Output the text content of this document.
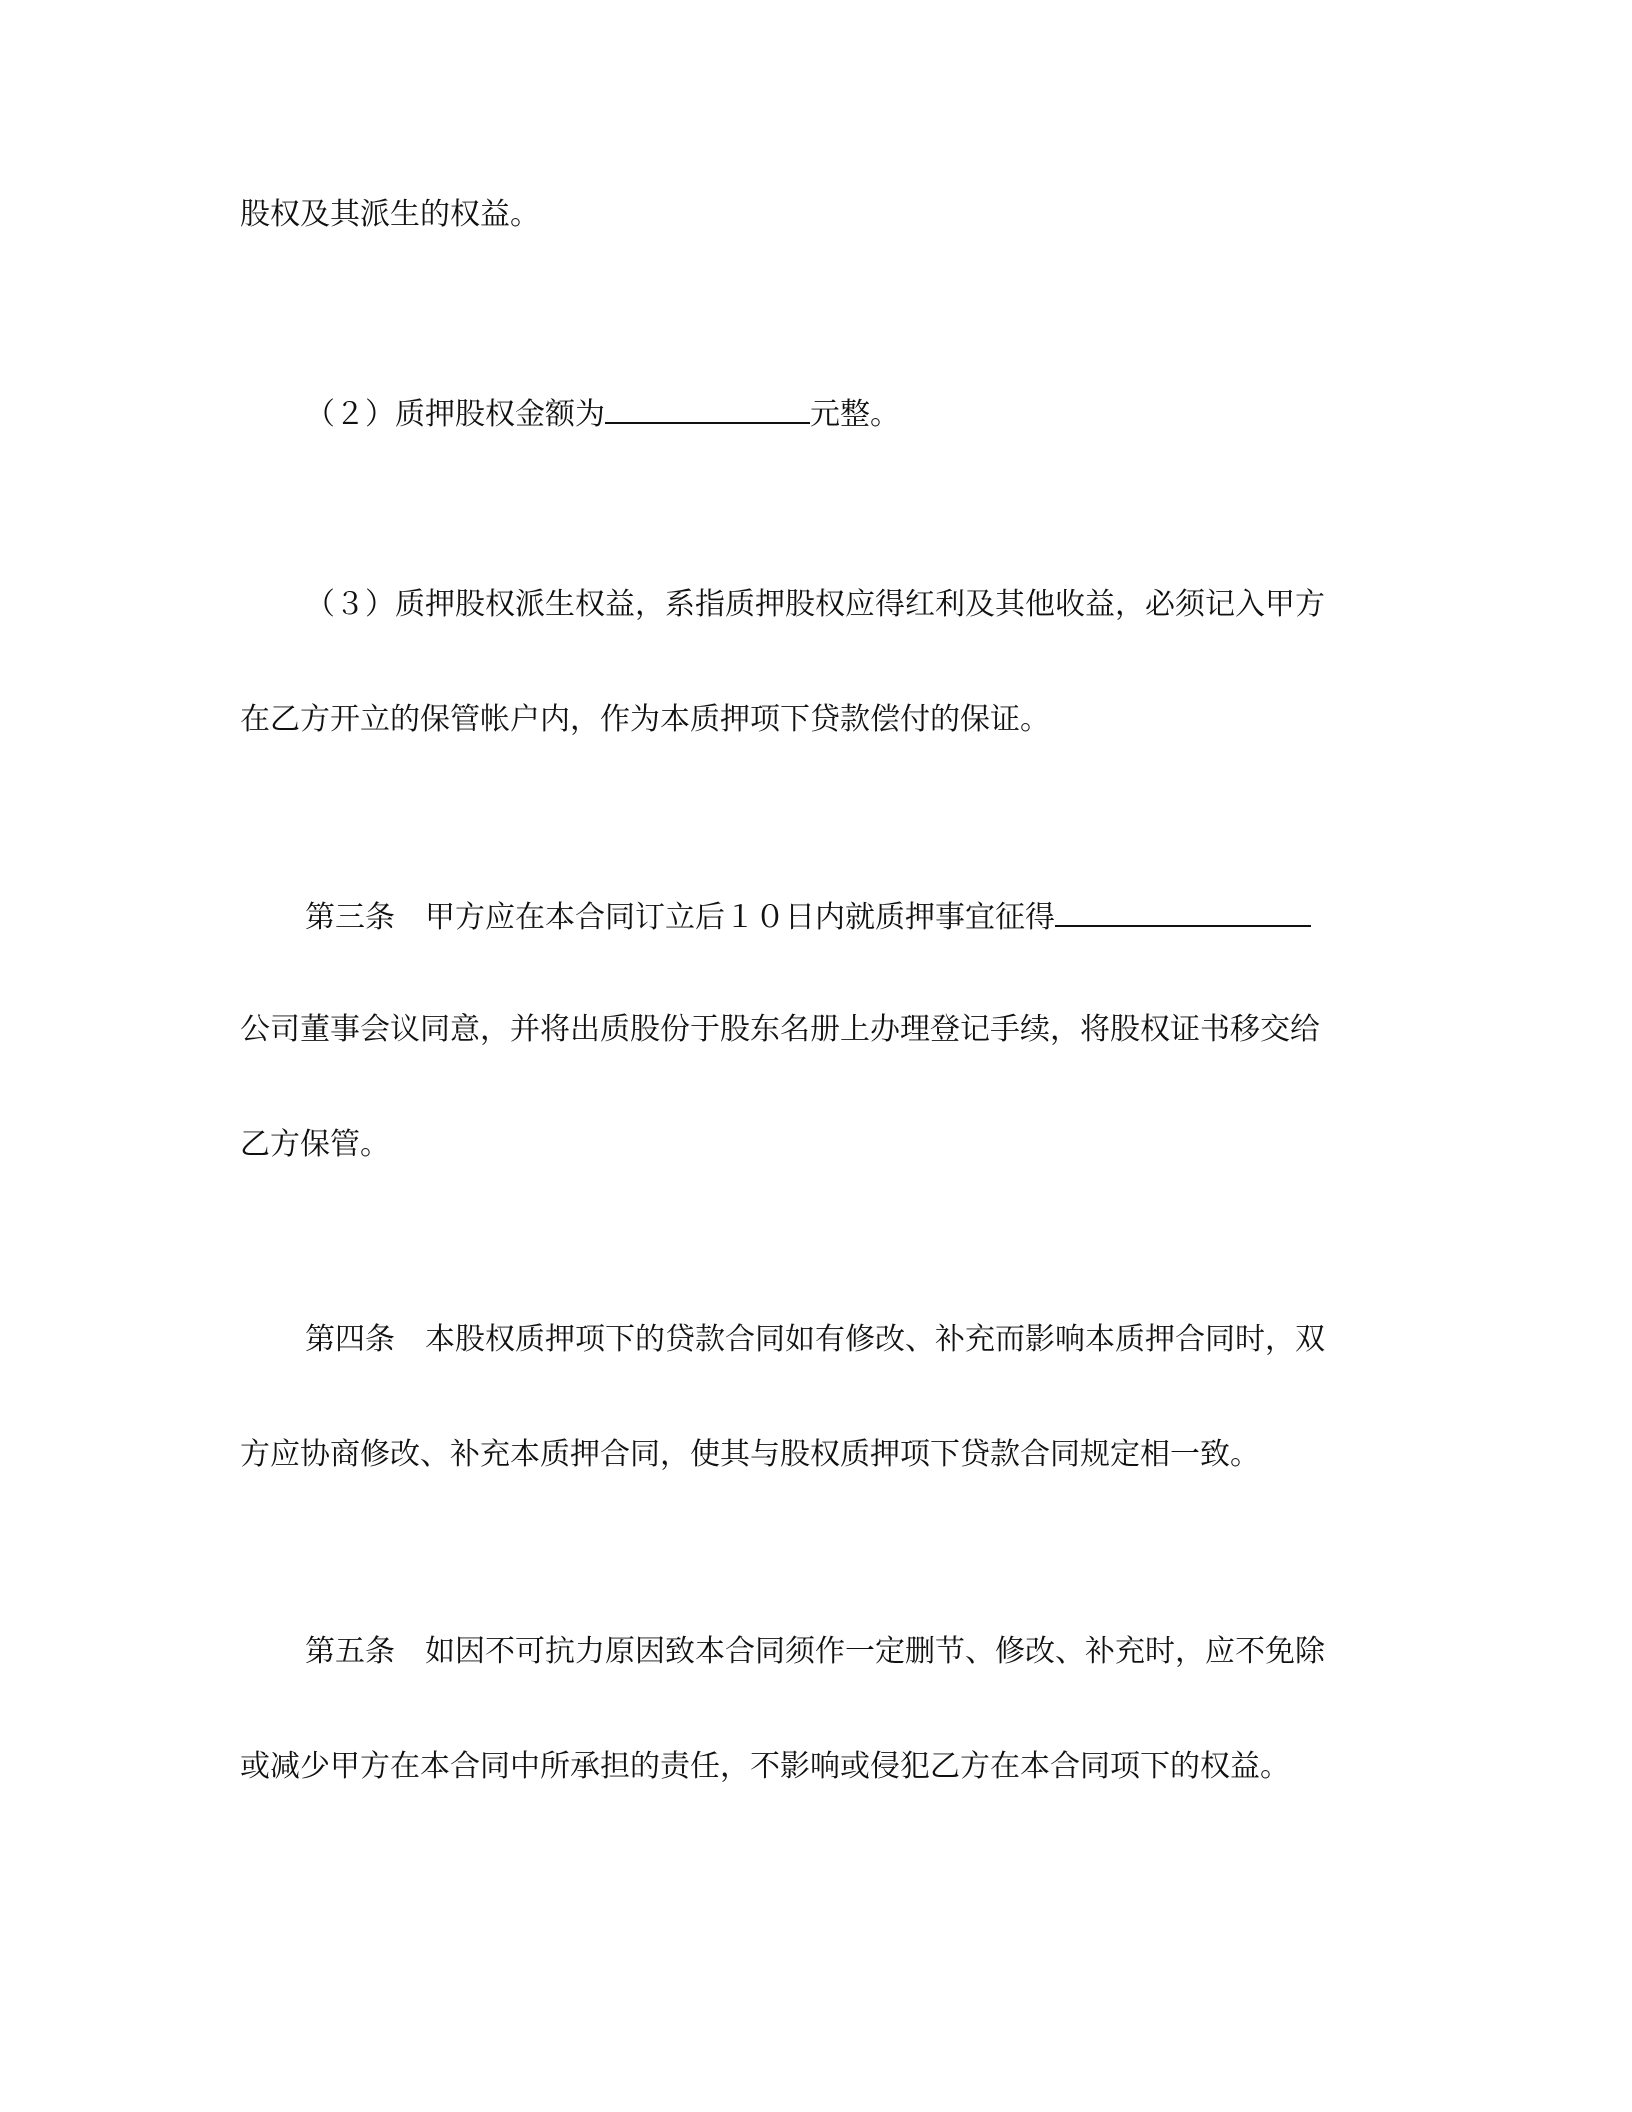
股权及其派生的权益。
（２）质押股权金额为	元整。
（３）质押股权派生权益，系指质押股权应得红利及其他收益，必须记入甲方
在乙方开立的保管帐户内，作为本质押项下贷款偿付的保证。
第三条 甲方应在本合同订立后１０日内就质押事宜征得
公司董事会议同意，并将出质股份于股东名册上办理登记手续，将股权证书移交给
乙方保管。
第四条 本股权质押项下的贷款合同如有修改、补充而影响本质押合同时，双
方应协商修改、补充本质押合同，使其与股权质押项下贷款合同规定相一致。
第五条 如因不可抗力原因致本合同须作一定删节、修改、补充时，应不免除
或减少甲方在本合同中所承担的责任，不影响或侵犯乙方在本合同项下的权益。
